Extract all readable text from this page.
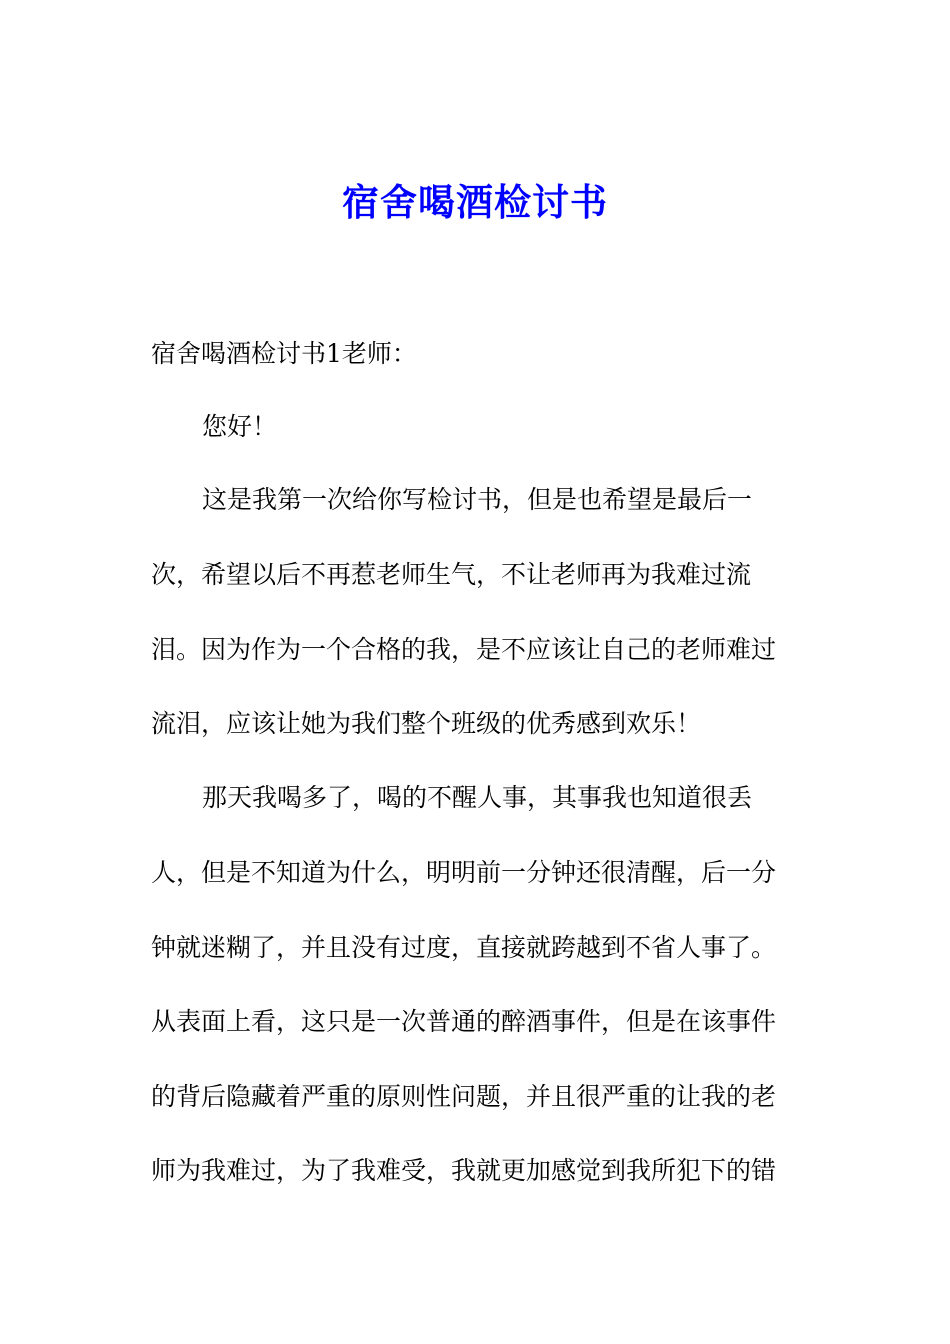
宿舍喝酒检讨书
宿舍喝酒检讨书1老师：
您好！
这是我第一次给你写检讨书，但是也希望是最后一
次，希望以后不再惹老师生气，不让老师再为我难过流
泪。因为作为一个合格的我，是不应该让自己的老师难过
流泪，应该让她为我们整个班级的优秀感到欢乐！
那天我喝多了，喝的不醒人事，其事我也知道很丢
人，但是不知道为什么，明明前一分钟还很清醒，后一分
钟就迷糊了，并且没有过度，直接就跨越到不省人事了。
从表面上看，这只是一次普通的醉酒事件，但是在该事件
的背后隐藏着严重的原则性问题，并且很严重的让我的老
师为我难过，为了我难受，我就更加感觉到我所犯下的错
